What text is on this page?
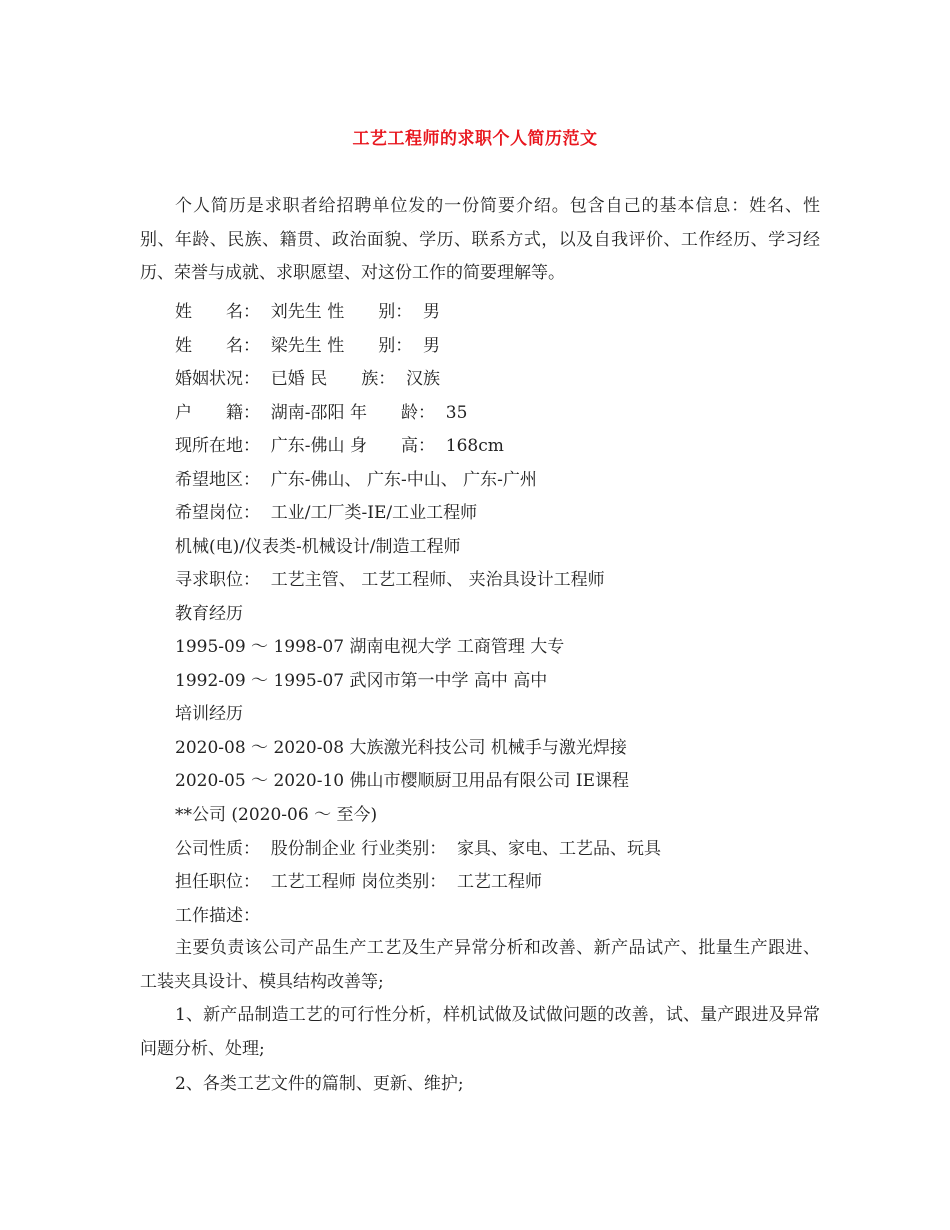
工艺工程师的求职个人简历范文
个人简历是求职者给招聘单位发的一份简要介绍。包含自己的基本信息：姓名、性别、年龄、民族、籍贯、政治面貌、学历、联系方式，以及自我评价、工作经历、学习经历、荣誉与成就、求职愿望、对这份工作的简要理解等。
姓　　名：  刘先生 性　　别：  男
姓　　名：  梁先生 性　　别：  男
婚姻状况：  已婚 民　　族：  汉族
户　　籍：  湖南-邵阳 年　　龄：  35
现所在地：  广东-佛山 身　　高：  168cm
希望地区：  广东-佛山、 广东-中山、 广东-广州
希望岗位：  工业/工厂类-IE/工业工程师
机械(电)/仪表类-机械设计/制造工程师
寻求职位：  工艺主管、 工艺工程师、 夹治具设计工程师
教育经历
1995-09 ～ 1998-07 湖南电视大学 工商管理 大专
1992-09 ～ 1995-07 武冈市第一中学 高中 高中
培训经历
2020-08 ～ 2020-08 大族激光科技公司 机械手与激光焊接
2020-05 ～ 2020-10 佛山市樱顺厨卫用品有限公司 IE课程
**公司 (2020-06 ～ 至今)
公司性质：  股份制企业 行业类别：  家具、家电、工艺品、玩具
担任职位：  工艺工程师 岗位类别：  工艺工程师
工作描述：
主要负责该公司产品生产工艺及生产异常分析和改善、新产品试产、批量生产跟进、工装夹具设计、模具结构改善等;
1、新产品制造工艺的可行性分析，样机试做及试做问题的改善，试、量产跟进及异常问题分析、处理;
2、各类工艺文件的篇制、更新、维护;
